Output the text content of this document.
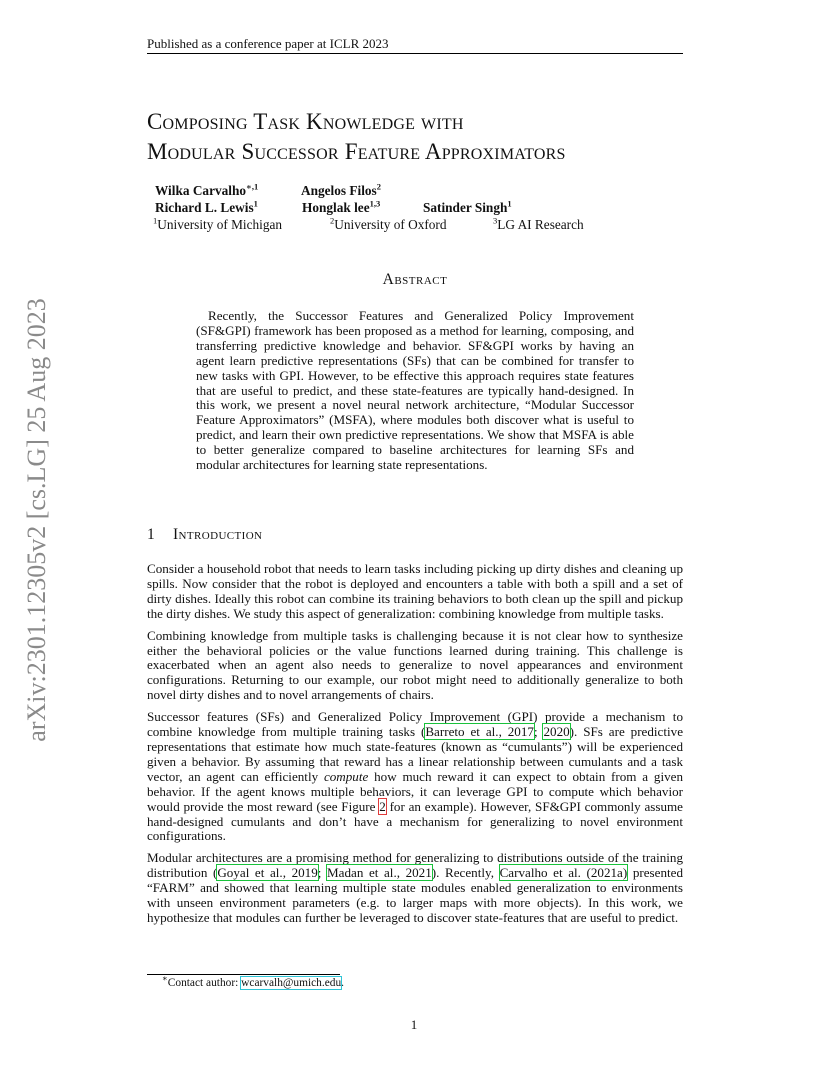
arXiv:2301.12305v2 [cs.LG] 25 Aug 2023
Published as a conference paper at ICLR 2023
Composing Task Knowledge with
Modular Successor Feature Approximators
Wilka Carvalho$^{∗,1}$	Angelos Filos$^2$
Richard L. Lewis$^1$	Honglak lee$^{1,3}$	Satinder Singh$^1$
$^1$University of Michigan	$^2$University of Oxford	$^3$LG AI Research
Abstract

Recently, the Successor Features and Generalized Policy Improvement (SF&GPI) framework has been proposed as a method for learning, composing, and transferring predictive knowledge and behavior. SF&GPI works by having an agent learn predictive representations (SFs) that can be combined for transfer to new tasks with GPI. However, to be effective this approach requires state features that are useful to predict, and these state-features are typically hand-designed. In this work, we present a novel neural network architecture, “Modular Successor Feature Approximators” (MSFA), where modules both discover what is useful to predict, and learn their own predictive representations. We show that MSFA is able to better generalize compared to baseline architectures for learning SFs and modular architectures for learning state representations.

1 Introduction

Consider a household robot that needs to learn tasks including picking up dirty dishes and cleaning up spills. Now consider that the robot is deployed and encounters a table with both a spill and a set of dirty dishes. Ideally this robot can combine its training behaviors to both clean up the spill and pickup the dirty dishes. We study this aspect of generalization: combining knowledge from multiple tasks.

Combining knowledge from multiple tasks is challenging because it is not clear how to synthesize either the behavioral policies or the value functions learned during training. This challenge is exacerbated when an agent also needs to generalize to novel appearances and environment configurations. Returning to our example, our robot might need to additionally generalize to both novel dirty dishes and to novel arrangements of chairs.

Successor features (SFs) and Generalized Policy Improvement (GPI) provide a mechanism to combine knowledge from multiple training tasks (Barreto et al., 2017; 2020). SFs are predictive representations that estimate how much state-features (known as “cumulants”) will be experienced given a behavior. By assuming that reward has a linear relationship between cumulants and a task vector, an agent can efficiently compute how much reward it can expect to obtain from a given behavior. If the agent knows multiple behaviors, it can leverage GPI to compute which behavior would provide the most reward (see Figure 2 for an example). However, SF&GPI commonly assume hand-designed cumulants and don’t have a mechanism for generalizing to novel environment configurations.

Modular architectures are a promising method for generalizing to distributions outside of the training distribution (Goyal et al., 2019; Madan et al., 2021). Recently, Carvalho et al. (2021a) presented “FARM” and showed that learning multiple state modules enabled generalization to environments with unseen environment parameters (e.g. to larger maps with more objects). In this work, we hypothesize that modules can further be leveraged to discover state-features that are useful to predict.

∗Contact author: wcarvalh@umich.edu.
1
